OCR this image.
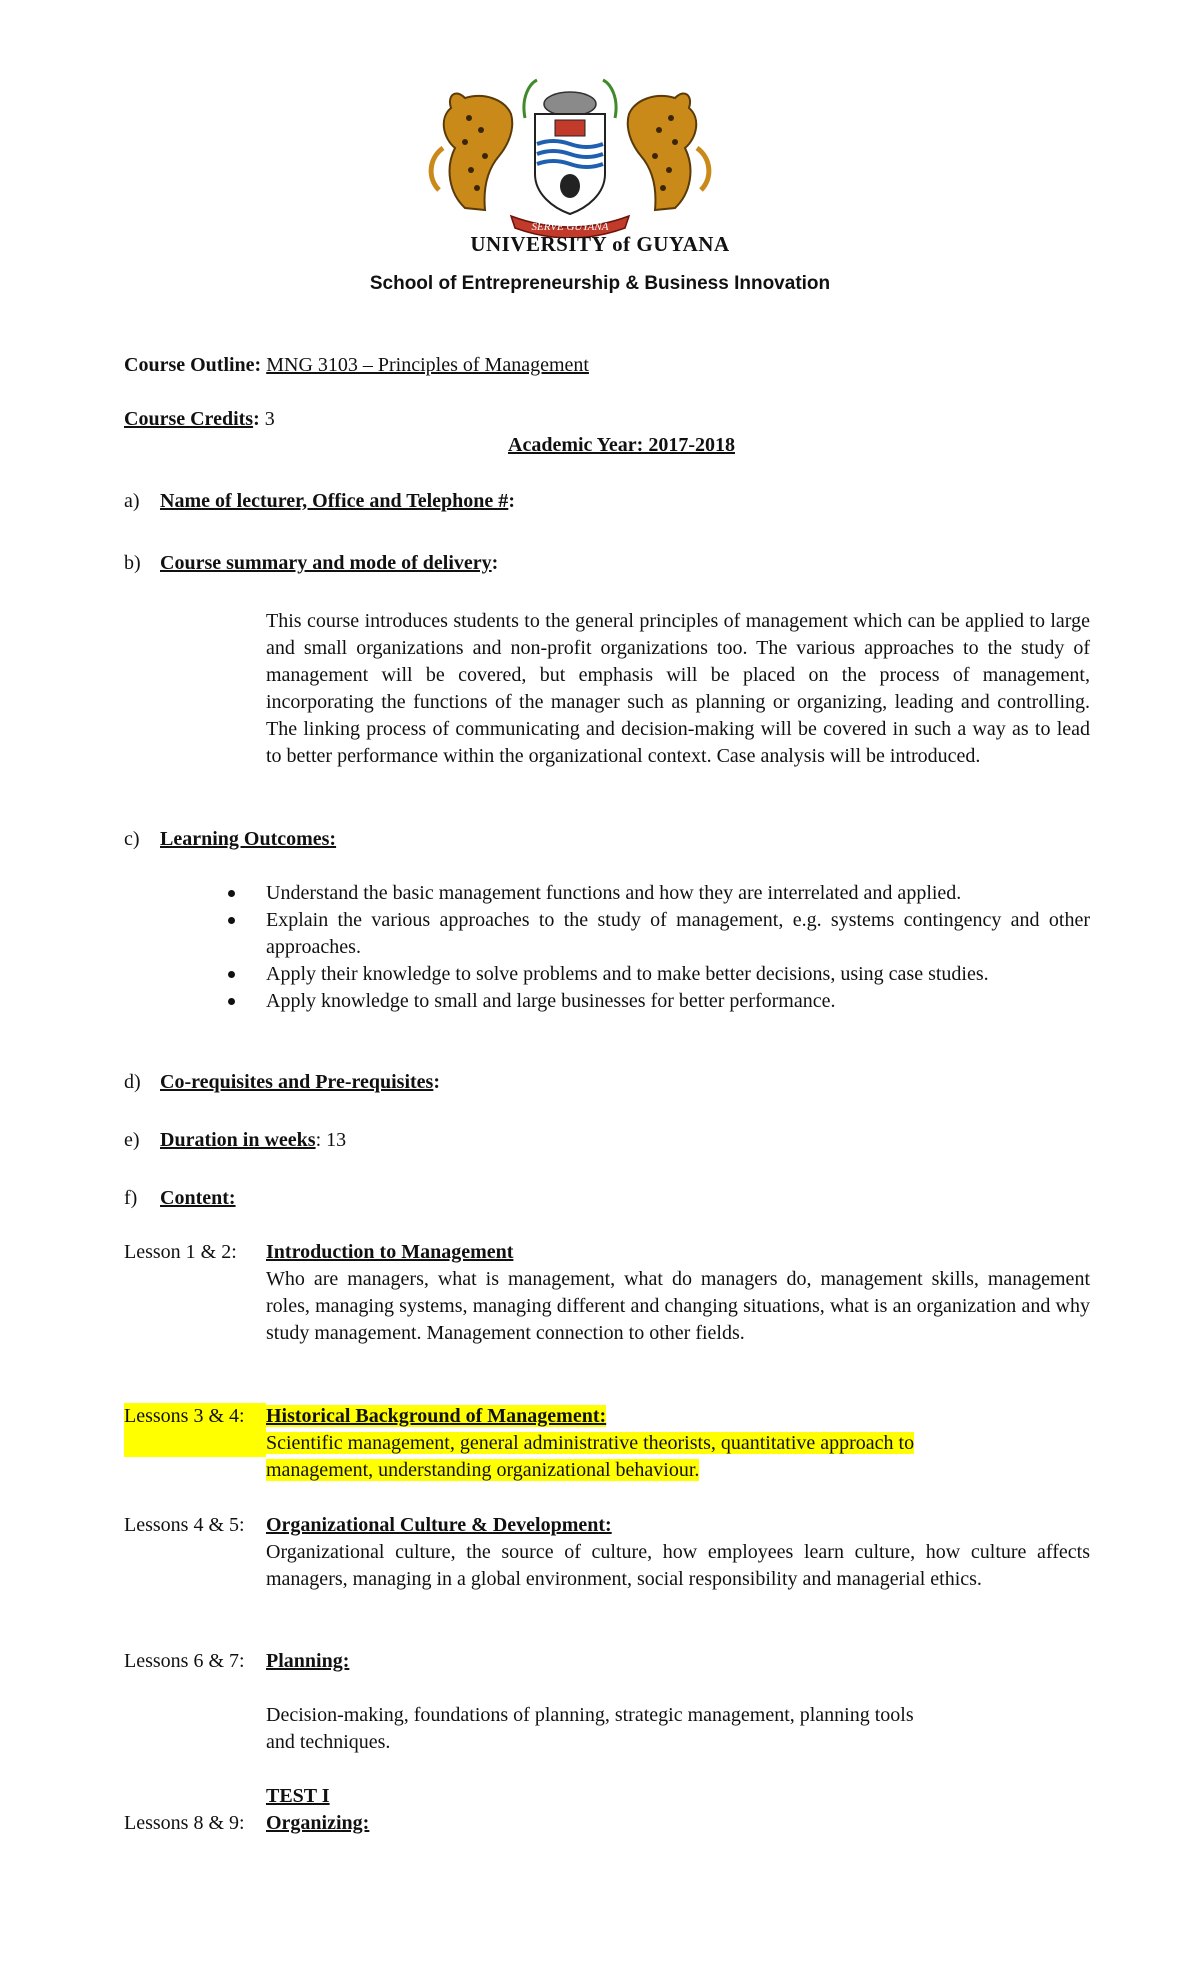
SERVE GUYANA
UNIVERSITY of GUYANA
School of Entrepreneurship & Business Innovation
Course Outline: MNG 3103 – Principles of Management
Course Credits: 3
Academic Year: 2017-2018
a) Name of lecturer, Office and Telephone #:
b) Course summary and mode of delivery:
This course introduces students to the general principles of management which can be applied to large and small organizations and non-profit organizations too. The various approaches to the study of management will be covered, but emphasis will be placed on the process of management, incorporating the functions of the manager such as planning or organizing, leading and controlling. The linking process of communicating and decision-making will be covered in such a way as to lead to better performance within the organizational context. Case analysis will be introduced.
c) Learning Outcomes:
Understand the basic management functions and how they are interrelated and applied.
Explain the various approaches to the study of management, e.g. systems contingency and other approaches.
Apply their knowledge to solve problems and to make better decisions, using case studies.
Apply knowledge to small and large businesses for better performance.
d) Co-requisites and Pre-requisites:
e) Duration in weeks: 13
f) Content:
Lesson 1 & 2: Introduction to Management
Who are managers, what is management, what do managers do, management skills, management roles, managing systems, managing different and changing situations, what is an organization and why study management. Management connection to other fields.
Lessons 3 & 4: Historical Background of Management:
Scientific management, general administrative theorists, quantitative approach to
management, understanding organizational behaviour.
Lessons 4 & 5: Organizational Culture & Development:
Organizational culture, the source of culture, how employees learn culture, how culture affects managers, managing in a global environment, social responsibility and managerial ethics.
Lessons 6 & 7: Planning:
Decision-making, foundations of planning, strategic management, planning tools
and techniques.
TEST I
Lessons 8 & 9: Organizing:
